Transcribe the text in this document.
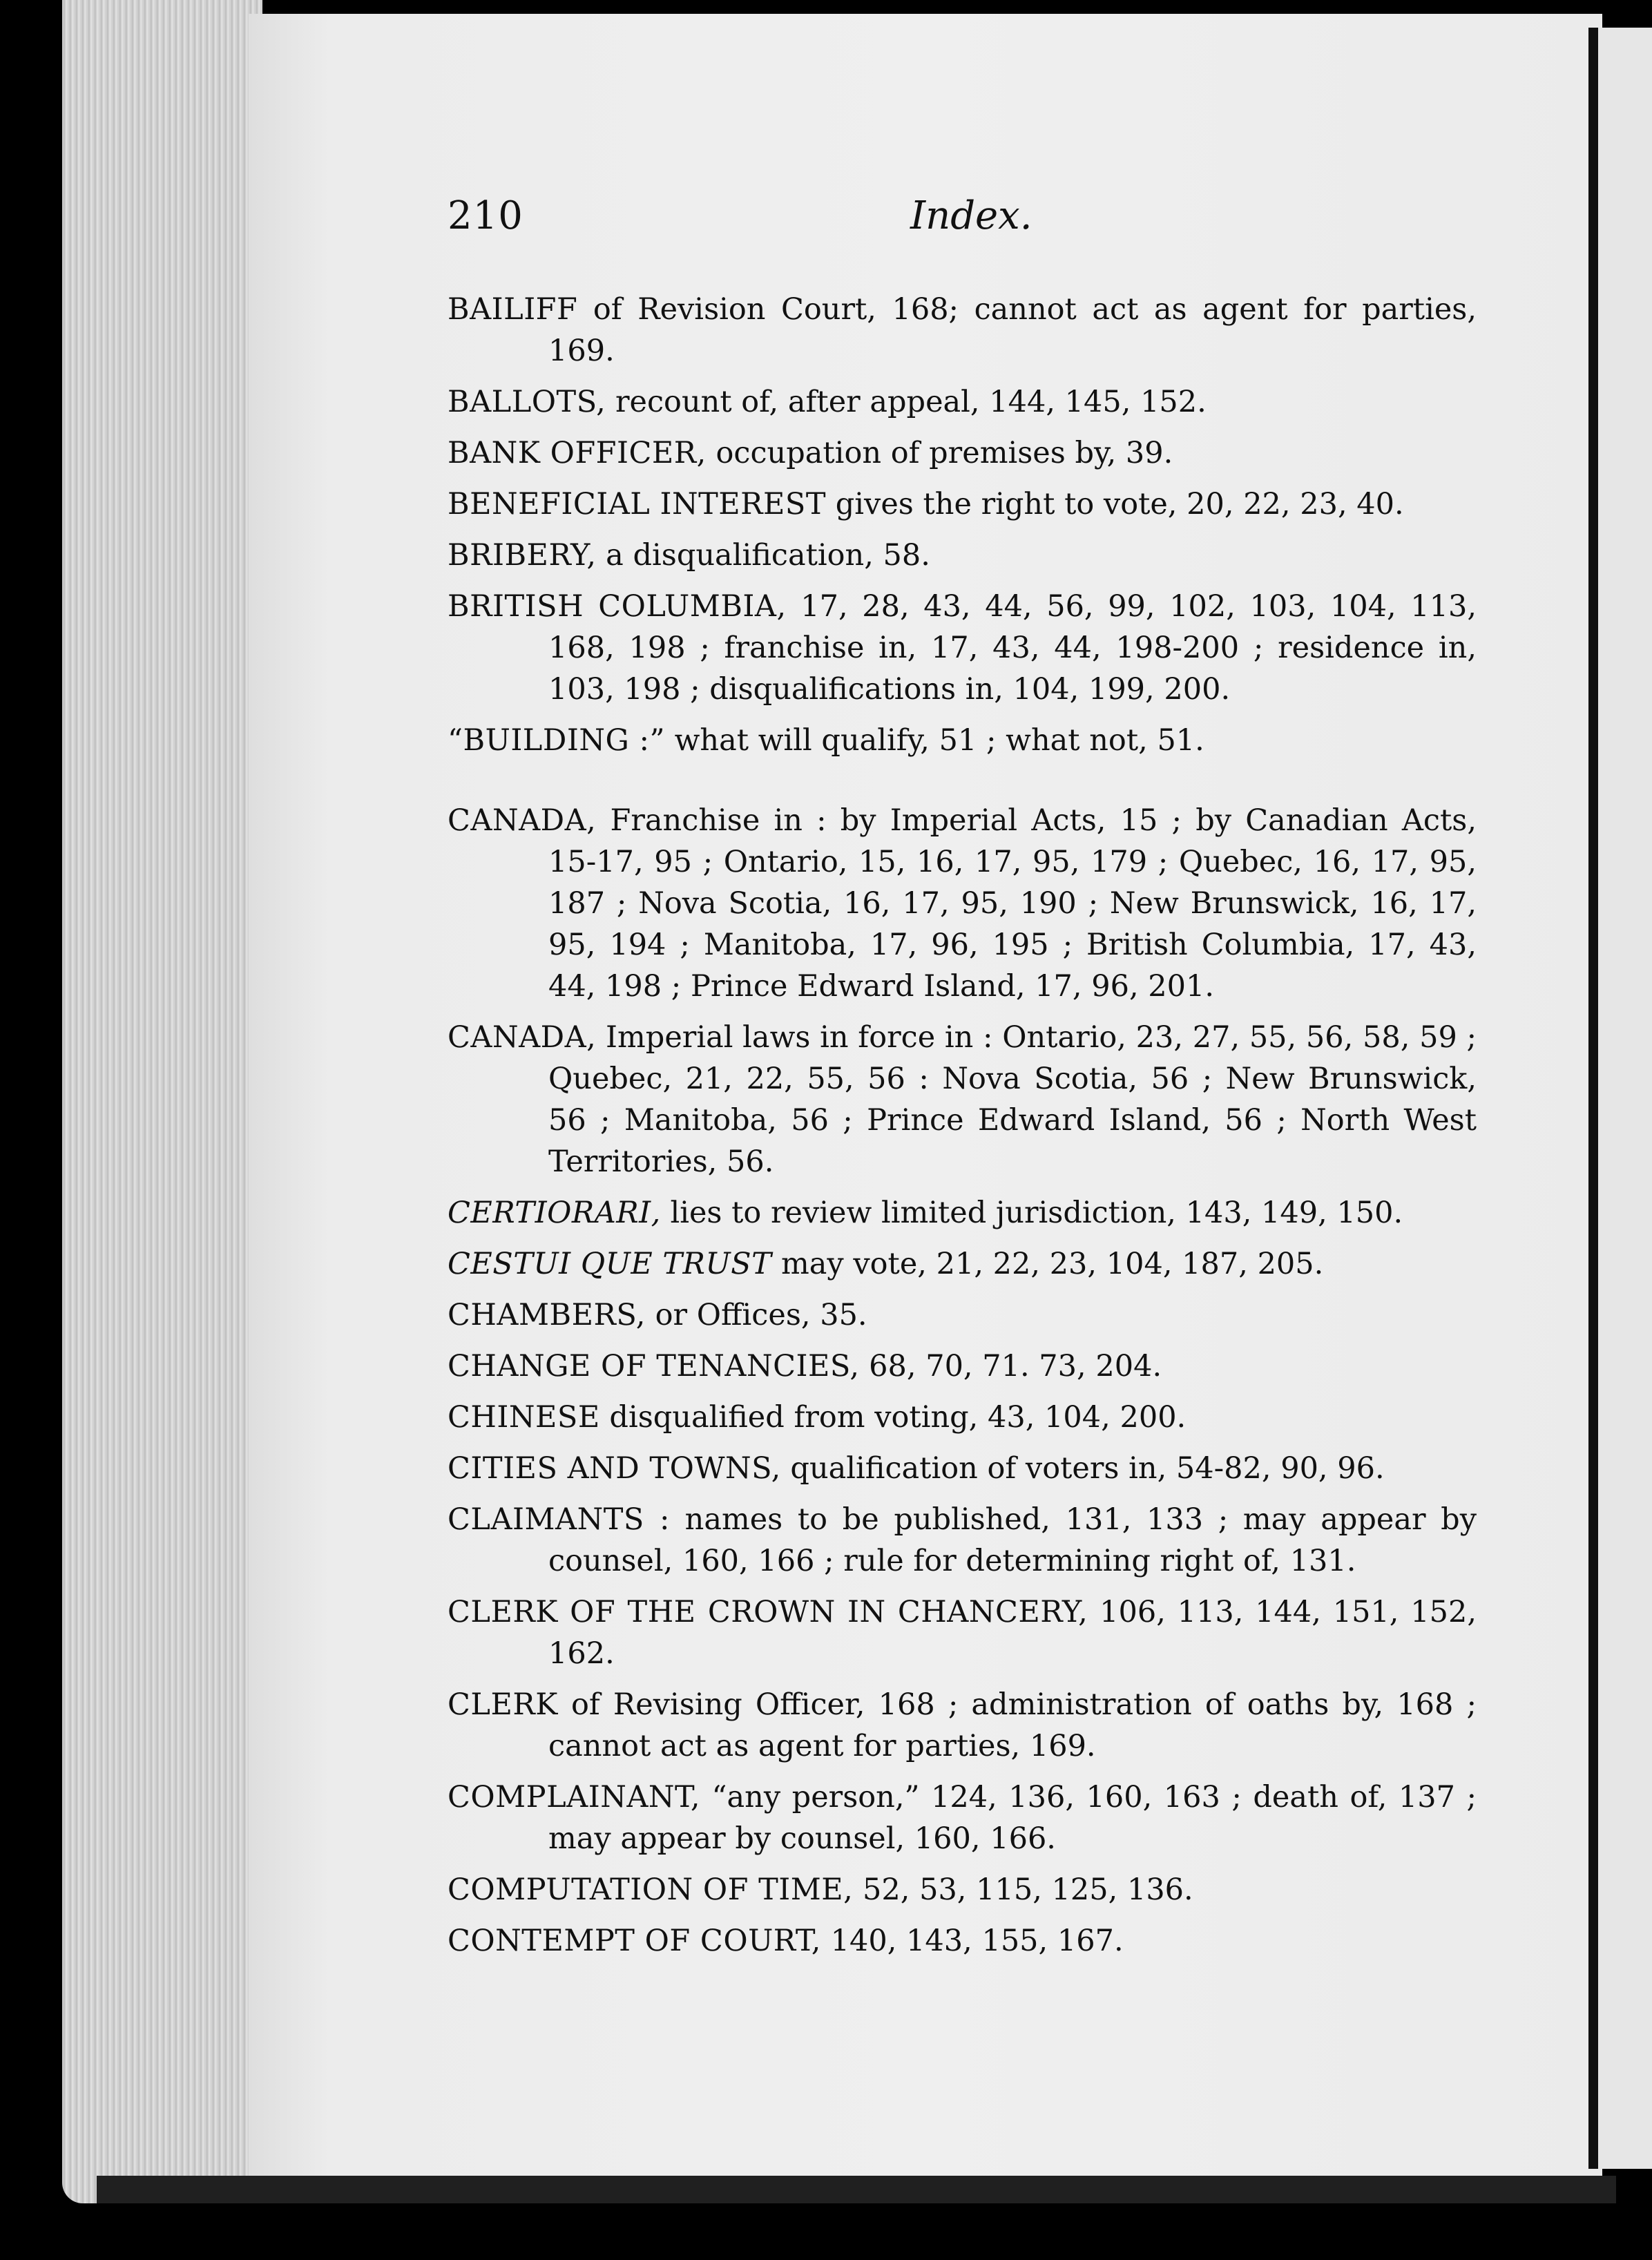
210	Index.
BAILIFF of Revision Court, 168; cannot act as agent for parties, 169.
BALLOTS, recount of, after appeal, 144, 145, 152.
BANK OFFICER, occupation of premises by, 39.
BENEFICIAL INTEREST gives the right to vote, 20, 22, 23, 40.
BRIBERY, a disqualification, 58.
BRITISH COLUMBIA, 17, 28, 43, 44, 56, 99, 102, 103, 104, 113, 168, 198 ; franchise in, 17, 43, 44, 198-200 ; residence in, 103, 198 ; disqualifications in, 104, 199, 200.
“BUILDING :” what will qualify, 51 ; what not, 51.
CANADA, Franchise in : by Imperial Acts, 15 ; by Canadian Acts, 15-17, 95 ; Ontario, 15, 16, 17, 95, 179 ; Quebec, 16, 17, 95, 187 ; Nova Scotia, 16, 17, 95, 190 ; New Brunswick, 16, 17, 95, 194 ; Manitoba, 17, 96, 195 ; British Columbia, 17, 43, 44, 198 ; Prince Edward Island, 17, 96, 201.
CANADA, Imperial laws in force in : Ontario, 23, 27, 55, 56, 58, 59 ; Quebec, 21, 22, 55, 56 : Nova Scotia, 56 ; New Brunswick, 56 ; Manitoba, 56 ; Prince Edward Island, 56 ; North West Territories, 56.
CERTIORARI, lies to review limited jurisdiction, 143, 149, 150.
CESTUI QUE TRUST may vote, 21, 22, 23, 104, 187, 205.
CHAMBERS, or Offices, 35.
CHANGE OF TENANCIES, 68, 70, 71. 73, 204.
CHINESE disqualified from voting, 43, 104, 200.
CITIES AND TOWNS, qualification of voters in, 54-82, 90, 96.
CLAIMANTS : names to be published, 131, 133 ; may appear by counsel, 160, 166 ; rule for determining right of, 131.
CLERK OF THE CROWN IN CHANCERY, 106, 113, 144, 151, 152, 162.
CLERK of Revising Officer, 168 ; administration of oaths by, 168 ; cannot act as agent for parties, 169.
COMPLAINANT, “any person,” 124, 136, 160, 163 ; death of, 137 ; may appear by counsel, 160, 166.
COMPUTATION OF TIME, 52, 53, 115, 125, 136.
CONTEMPT OF COURT, 140, 143, 155, 167.
